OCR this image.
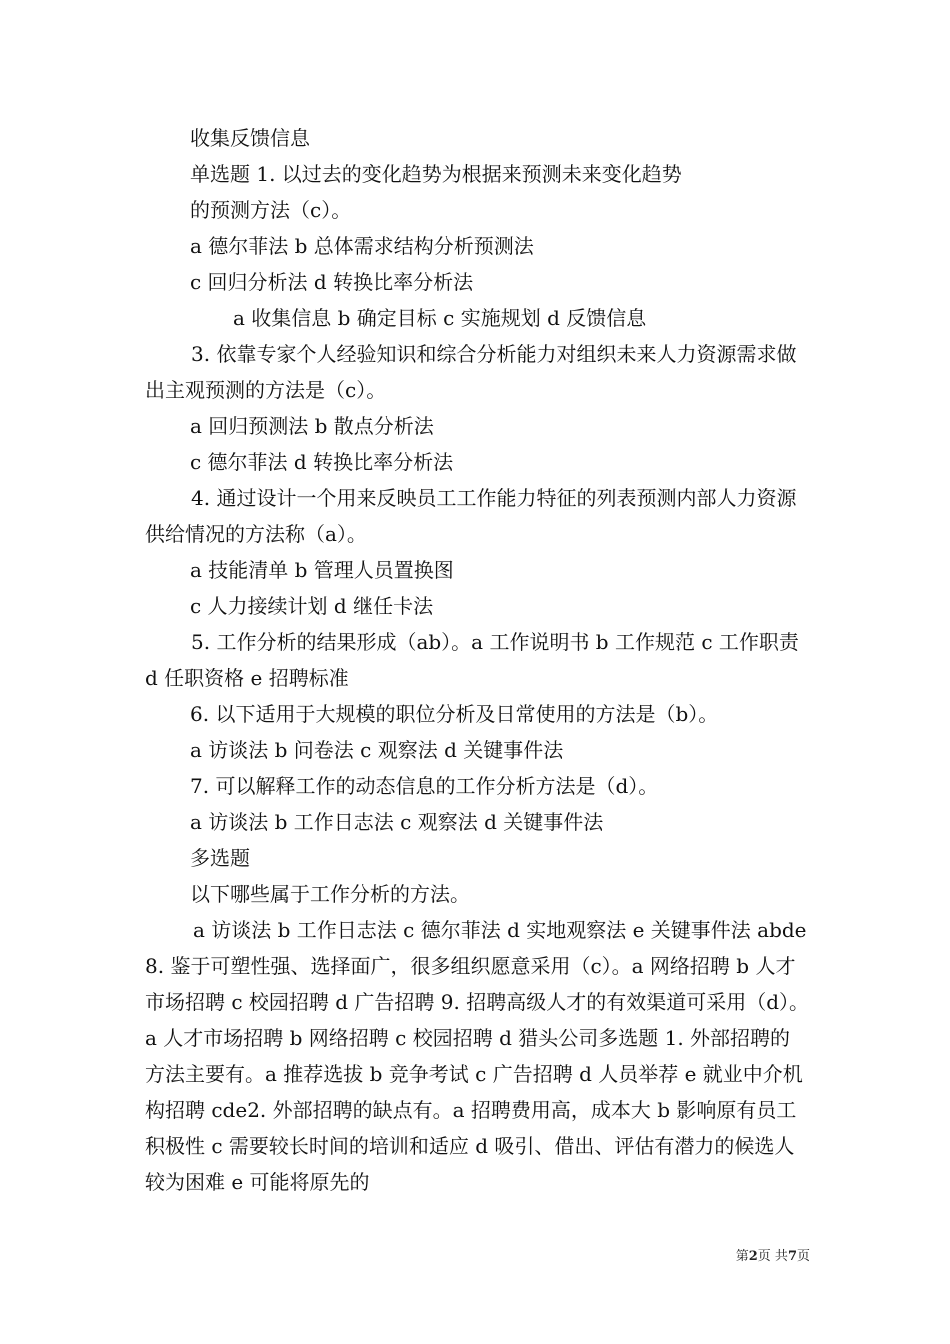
收集反馈信息

单选题 1. 以过去的变化趋势为根据来预测未来变化趋势

的预测方法（c）。

a 德尔菲法 b 总体需求结构分析预测法

c 回归分析法 d 转换比率分析法

a 收集信息 b 确定目标 c 实施规划 d 反馈信息

3. 依靠专家个人经验知识和综合分析能力对组织未来人力资源需求做出主观预测的方法是（c）。

a 回归预测法 b 散点分析法

c 德尔菲法 d 转换比率分析法

4. 通过设计一个用来反映员工工作能力特征的列表预测内部人力资源供给情况的方法称（a）。

a 技能清单 b 管理人员置换图

c 人力接续计划 d 继任卡法

5. 工作分析的结果形成（ab）。a 工作说明书 b 工作规范 c 工作职责 d 任职资格 e 招聘标准

6. 以下适用于大规模的职位分析及日常使用的方法是（b）。

a 访谈法 b 问卷法 c 观察法 d 关键事件法

7. 可以解释工作的动态信息的工作分析方法是（d）。

a 访谈法 b 工作日志法 c 观察法 d 关键事件法

多选题

以下哪些属于工作分析的方法。

a 访谈法 b 工作日志法 c 德尔菲法 d 实地观察法 e 关键事件法 abde8. 鉴于可塑性强、选择面广，很多组织愿意采用（c）。a 网络招聘 b 人才市场招聘 c 校园招聘 d 广告招聘 9. 招聘高级人才的有效渠道可采用（d）。a 人才市场招聘 b 网络招聘 c 校园招聘 d 猎头公司多选题 1. 外部招聘的方法主要有。a 推荐选拔 b 竞争考试 c 广告招聘 d 人员举荐 e 就业中介机构招聘 cde2. 外部招聘的缺点有。a 招聘费用高，成本大 b 影响原有员工积极性 c 需要较长时间的培训和适应 d 吸引、借出、评估有潜力的候选人较为困难 e 可能将原先的

第2页 共7页
